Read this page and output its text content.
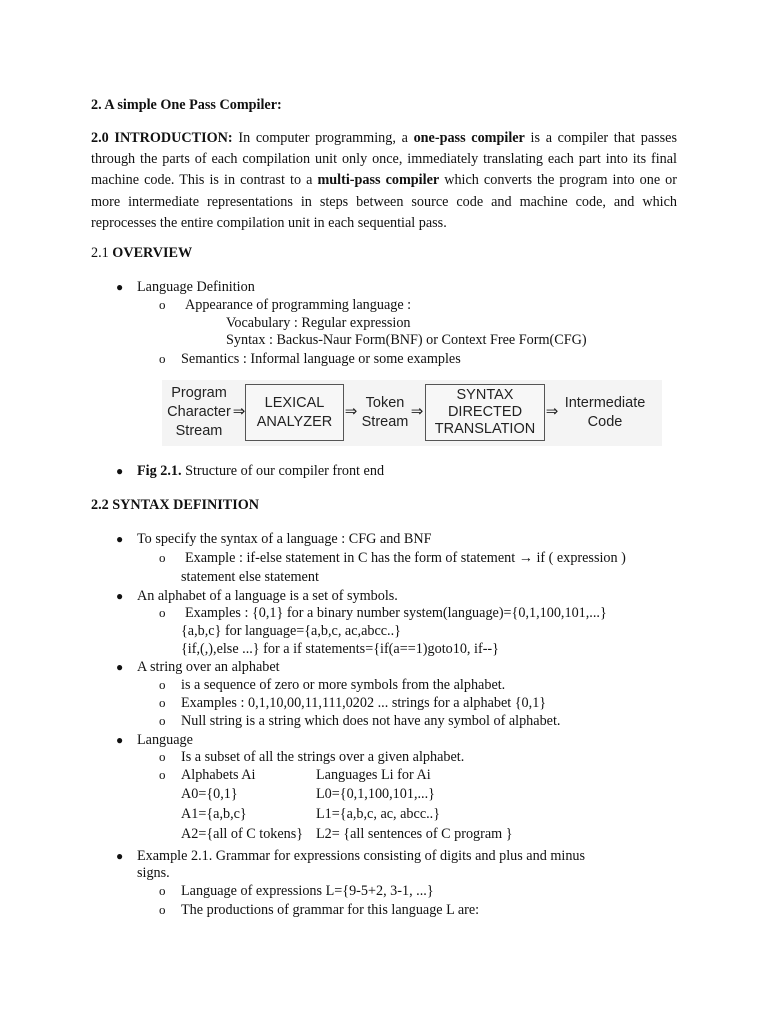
2. A simple One Pass Compiler:
2.0 INTRODUCTION: In computer programming, a one-pass compiler is a compiler that passes through the parts of each compilation unit only once, immediately translating each part into its final machine code. This is in contrast to a multi-pass compiler which converts the program into one or more intermediate representations in steps between source code and machine code, and which reprocesses the entire compilation unit in each sequential pass.
2.1 OVERVIEW
● Language Definition
o Appearance of programming language :
Vocabulary : Regular expression
Syntax : Backus-Naur Form(BNF) or Context Free Form(CFG)
o Semantics : Informal language or some examples
Program
Character
Stream
⇒	LEXICAL
ANALYZER
⇒ Token
Stream
⇒
SYNTAX
DIRECTED
TRANSLATION
⇒ Intermediate
Code
● Fig 2.1. Structure of our compiler front end
2.2 SYNTAX DEFINITION
● To specify the syntax of a language : CFG and BNF
o Example : if-else statement in C has the form of statement → if ( expression )
statement else statement
● An alphabet of a language is a set of symbols.
o Examples : {0,1} for a binary number system(language)={0,1,100,101,...}
{a,b,c} for language={a,b,c, ac,abcc..}
{if,(,),else ...} for a if statements={if(a==1)goto10, if--}
● A string over an alphabet
o is a sequence of zero or more symbols from the alphabet.
o Examples : 0,1,10,00,11,111,0202 ... strings for a alphabet {0,1}
o Null string is a string which does not have any symbol of alphabet.
● Language
o Is a subset of all the strings over a given alphabet.
o Alphabets Ai	Languages Li for Ai
A0={0,1}	L0={0,1,100,101,...}
A1={a,b,c}	L1={a,b,c, ac, abcc..}
A2={all of C tokens} L2= {all sentences of C program }
● Example 2.1. Grammar for expressions consisting of digits and plus and minus
signs.
o Language of expressions L={9-5+2, 3-1, ...}
o The productions of grammar for this language L are:
